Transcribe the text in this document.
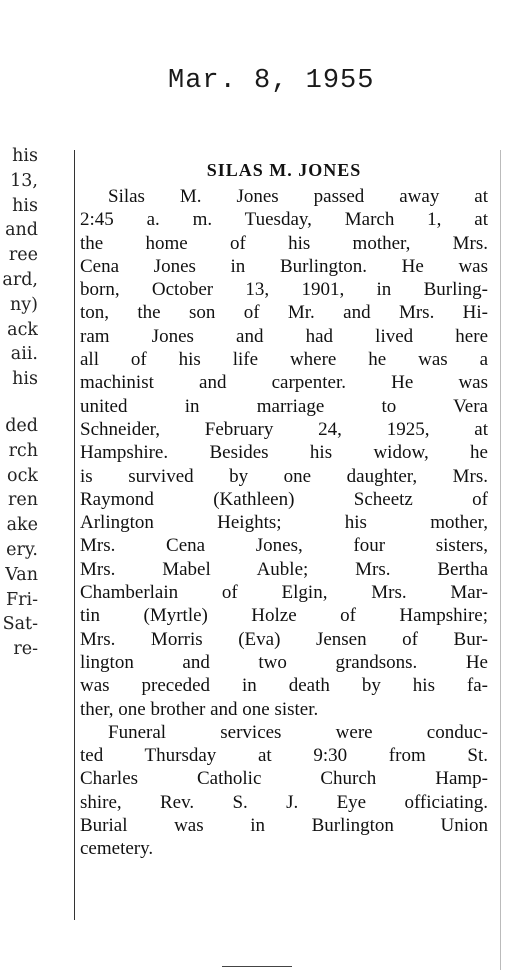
Mar. 8, 1955
his
13,
his
and
ree
ard,
ny)
ack
aii.
his
ded
rch
ock
ren
ake
ery.
Van
Fri-
Sat-
re-
SILAS M. JONES

Silas M. Jones passed away at
2:45 a. m. Tuesday, March 1, at
the home of his mother, Mrs.
Cena Jones in Burlington. He was
born, October 13, 1901, in Burling-
ton, the son of Mr. and Mrs. Hi-
ram Jones and had lived here
all of his life where he was a
machinist and carpenter. He was
united in marriage to Vera
Schneider, February 24, 1925, at
Hampshire. Besides his widow, he
is survived by one daughter, Mrs.
Raymond (Kathleen) Scheetz of
Arlington Heights; his mother,
Mrs. Cena Jones, four sisters,
Mrs. Mabel Auble; Mrs. Bertha
Chamberlain of Elgin, Mrs. Mar-
tin (Myrtle) Holze of Hampshire;
Mrs. Morris (Eva) Jensen of Bur-
lington and two grandsons. He
was preceded in death by his fa-
ther, one brother and one sister.

Funeral services were conduc-
ted Thursday at 9:30 from St.
Charles Catholic Church Hamp-
shire, Rev. S. J. Eye officiating.
Burial was in Burlington Union
cemetery.
